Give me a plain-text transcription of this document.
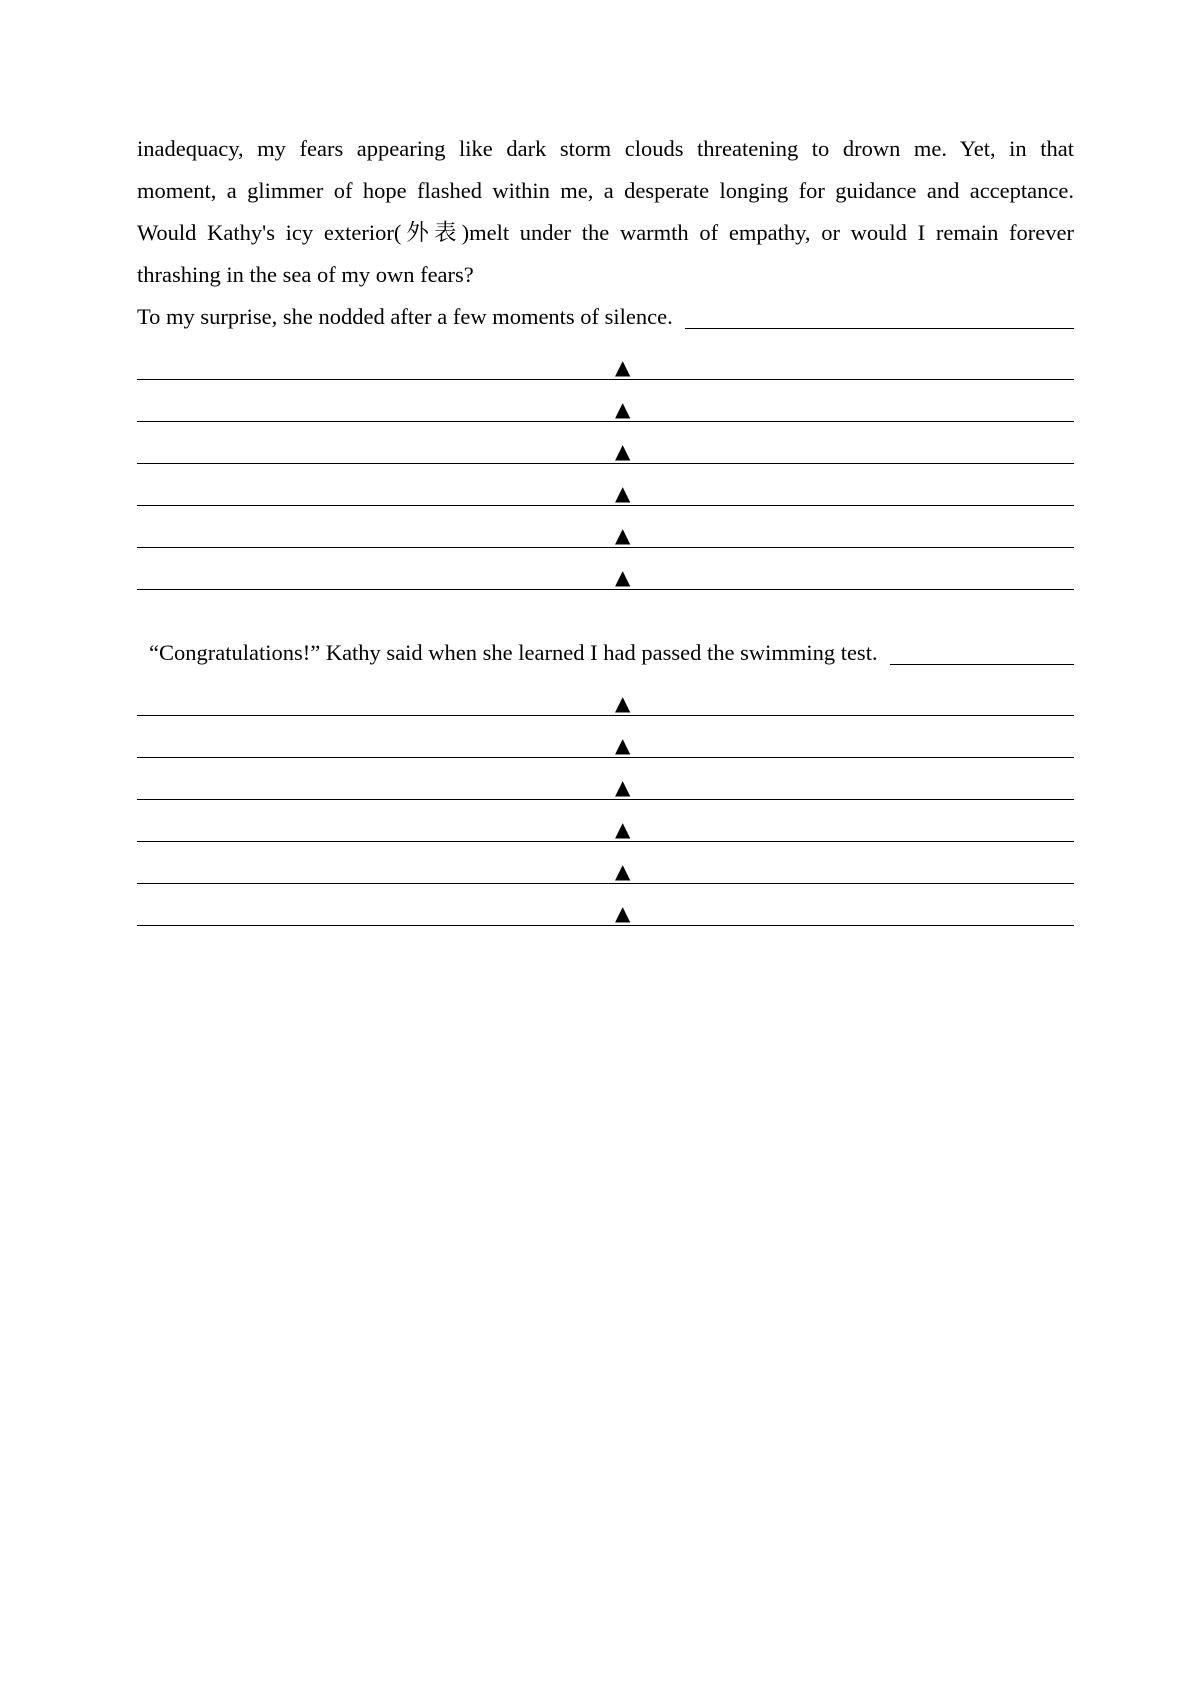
inadequacy, my fears appearing like dark storm clouds threatening to drown me. Yet, in that
moment, a glimmer of hope flashed within me, a desperate longing for guidance and acceptance.
Would Kathy's icy exterior(外表)melt under the warmth of empathy, or would I remain forever
thrashing in the sea of my own fears?
To my surprise, she nodded after a few moments of silence.
▲
▲
▲
▲
▲
▲
“Congratulations!” Kathy said when she learned I had passed the swimming test.
▲
▲
▲
▲
▲
▲
